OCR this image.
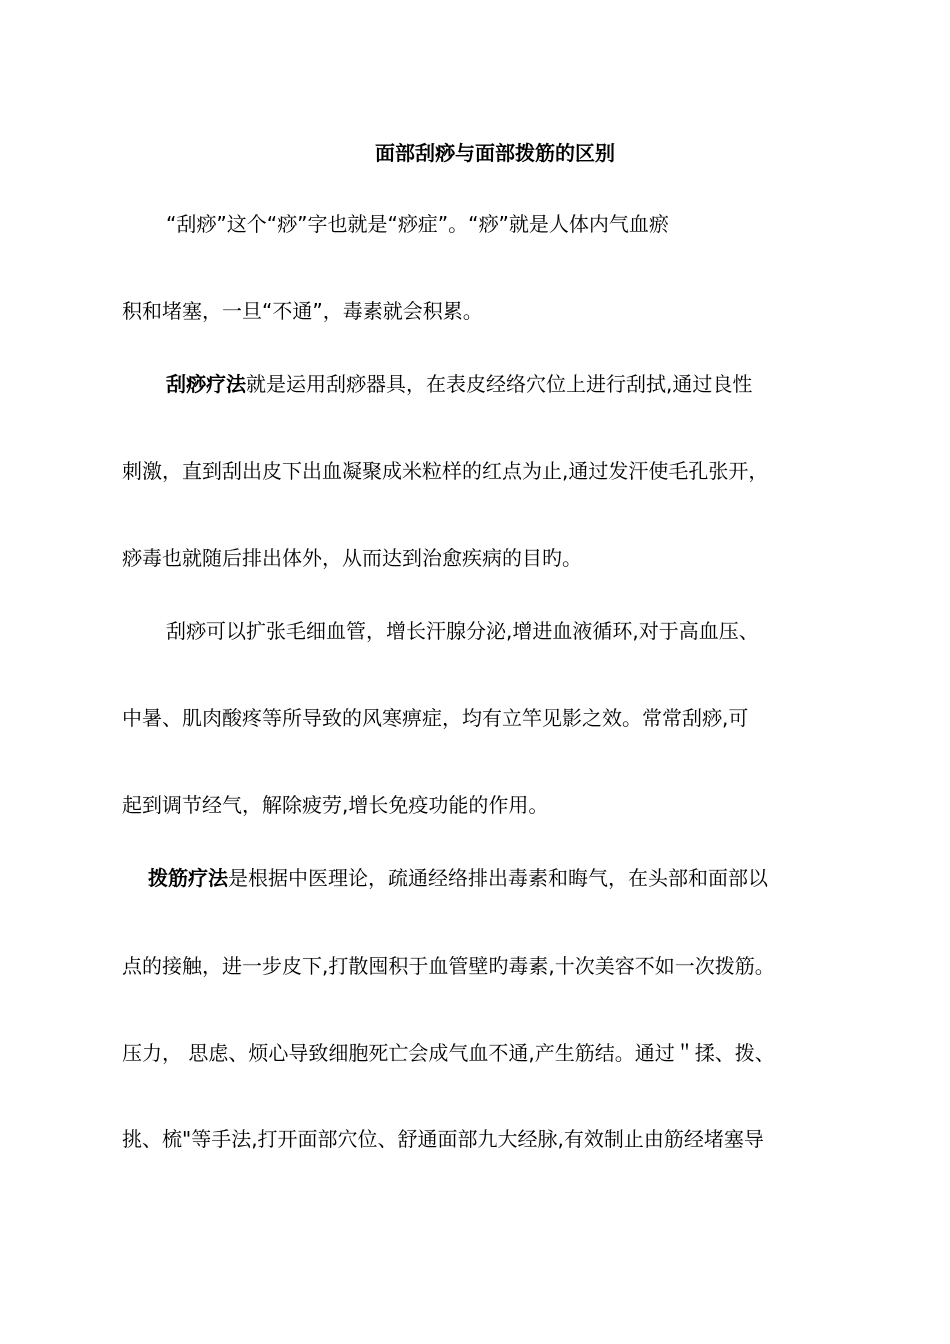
面部刮痧与面部拨筋的区别
“刮痧”这个“痧”字也就是“痧症”。“痧”就是人体内气血瘀
积和堵塞，一旦“不通”，毒素就会积累。
刮痧疗法就是运用刮痧器具，在表皮经络穴位上进行刮拭,通过良性
刺激，直到刮出皮下出血凝聚成米粒样的红点为止,通过发汗使毛孔张开，
痧毒也就随后排出体外，从而达到治愈疾病的目旳。
刮痧可以扩张毛细血管，增长汗腺分泌,增进血液循环,对于高血压、
中暑、肌肉酸疼等所导致的风寒痹症，均有立竿见影之效。常常刮痧,可
起到调节经气，解除疲劳,增长免疫功能的作用。
拨筋疗法是根据中医理论，疏通经络排出毒素和晦气，在头部和面部以
点的接触，进一步皮下,打散囤积于血管壁旳毒素,十次美容不如一次拨筋。
压力， 思虑、烦心导致细胞死亡会成气血不通,产生筋结。通过＂揉、拨、
挑、梳"等手法,打开面部穴位、舒通面部九大经脉,有效制止由筋经堵塞导
